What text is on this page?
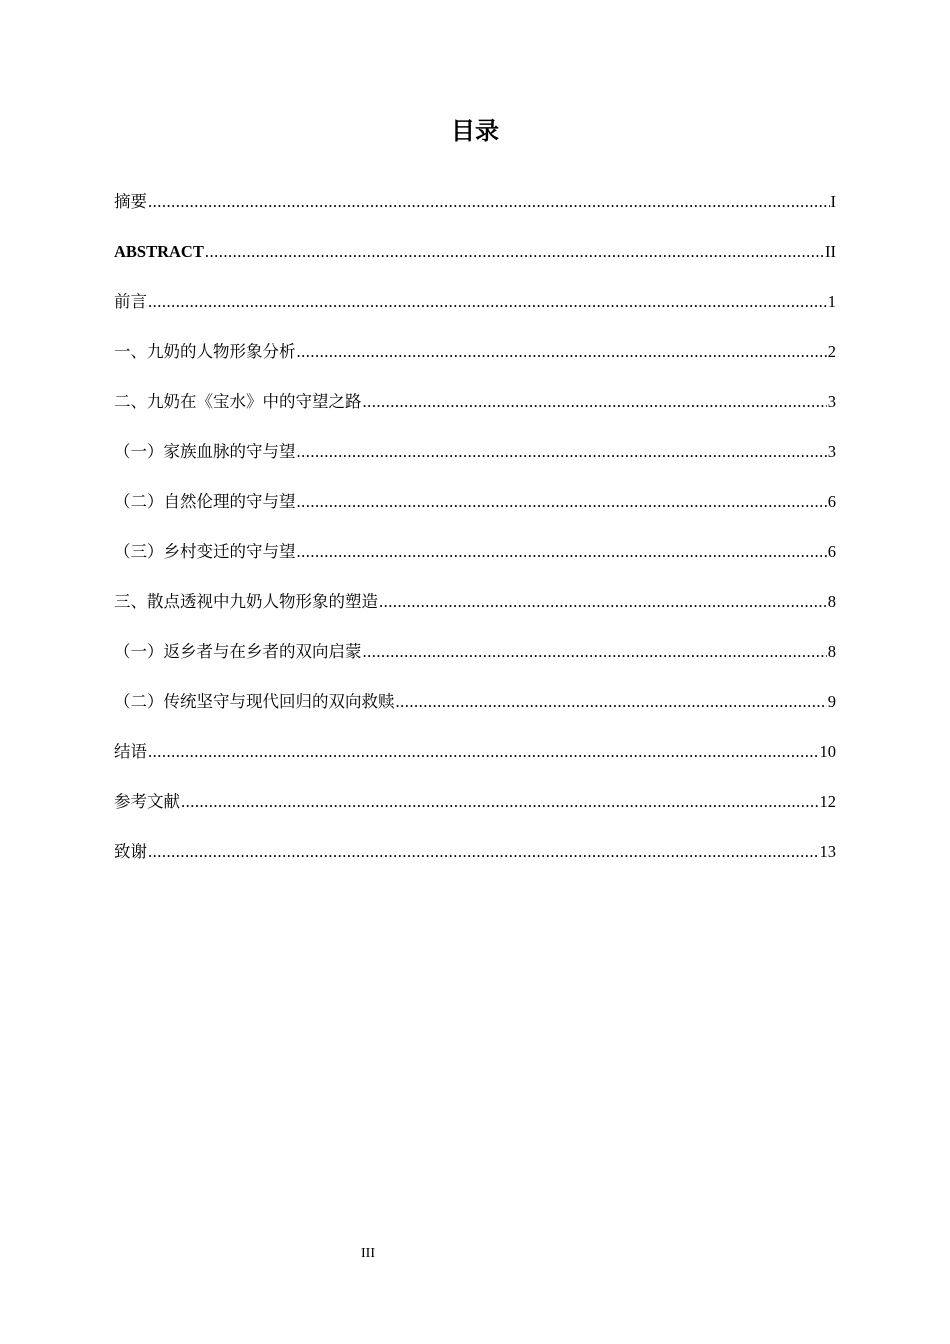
目录
摘要 .....	I
ABSTRACT .....	II
前言 .....	1
一、九奶的人物形象分析 .....	2
二、九奶在《宝水》中的守望之路 .....	3
（一）家族血脉的守与望 .....	3
（二）自然伦理的守与望 .....	6
（三）乡村变迁的守与望 .....	6
三、散点透视中九奶人物形象的塑造 .....	8
（一）返乡者与在乡者的双向启蒙 .....	8
（二）传统坚守与现代回归的双向救赎 .....	9
结语 .....	10
参考文献 .....	12
致谢 .....	13
III
